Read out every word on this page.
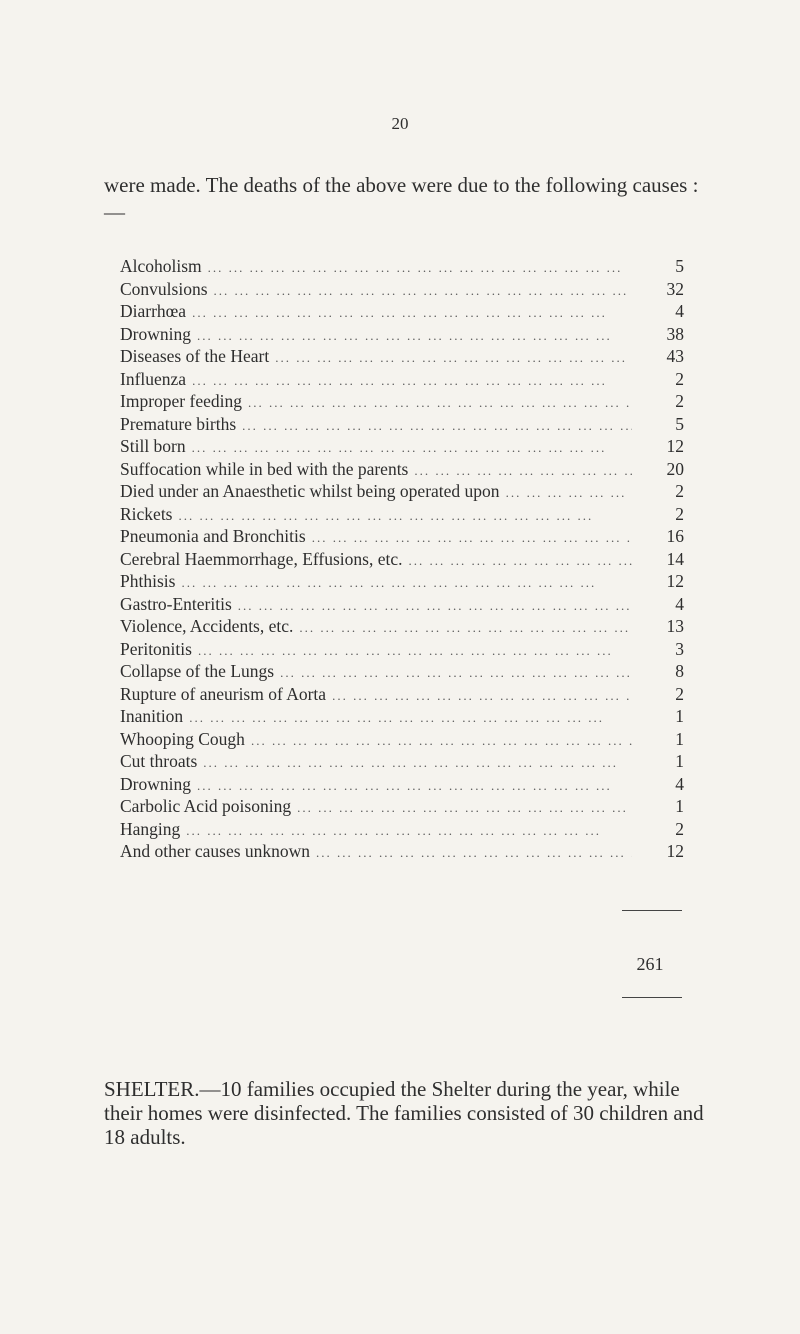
20

were made. The deaths of the above were due to the following causes : —

Alcoholism ... .	5
Convulsions ... .	32
Diarrhœa ... .	4
Drowning ... .	38
Diseases of the Heart ... .	43
Influenza ... .	2
Improper feeding ... .	2
Premature births ... .	5
Still born ... .	12
Suffocation while in bed with the parents ... .	20
Died under an Anaesthetic whilst being operated upon ... .	2
Rickets ... .	2
Pneumonia and Bronchitis ... .	16
Cerebral Haemmorrhage, Effusions, etc. ... .	14
Phthisis ... .	12
Gastro-Enteritis ... .	4
Violence, Accidents, etc. ... .	13
Peritonitis ... .	3
Collapse of the Lungs ... .	8
Rupture of aneurism of Aorta ... .	2
Inanition ... .	1
Whooping Cough ... .	1
Cut throats ... .	1
Drowning ... .	4
Carbolic Acid poisoning ... .	1
Hanging ... .	2
And other causes unknown ... .	12
261

SHELTER.—10 families occupied the Shelter during the year, while their homes were disinfected. The families consisted of 30 children and 18 adults.
